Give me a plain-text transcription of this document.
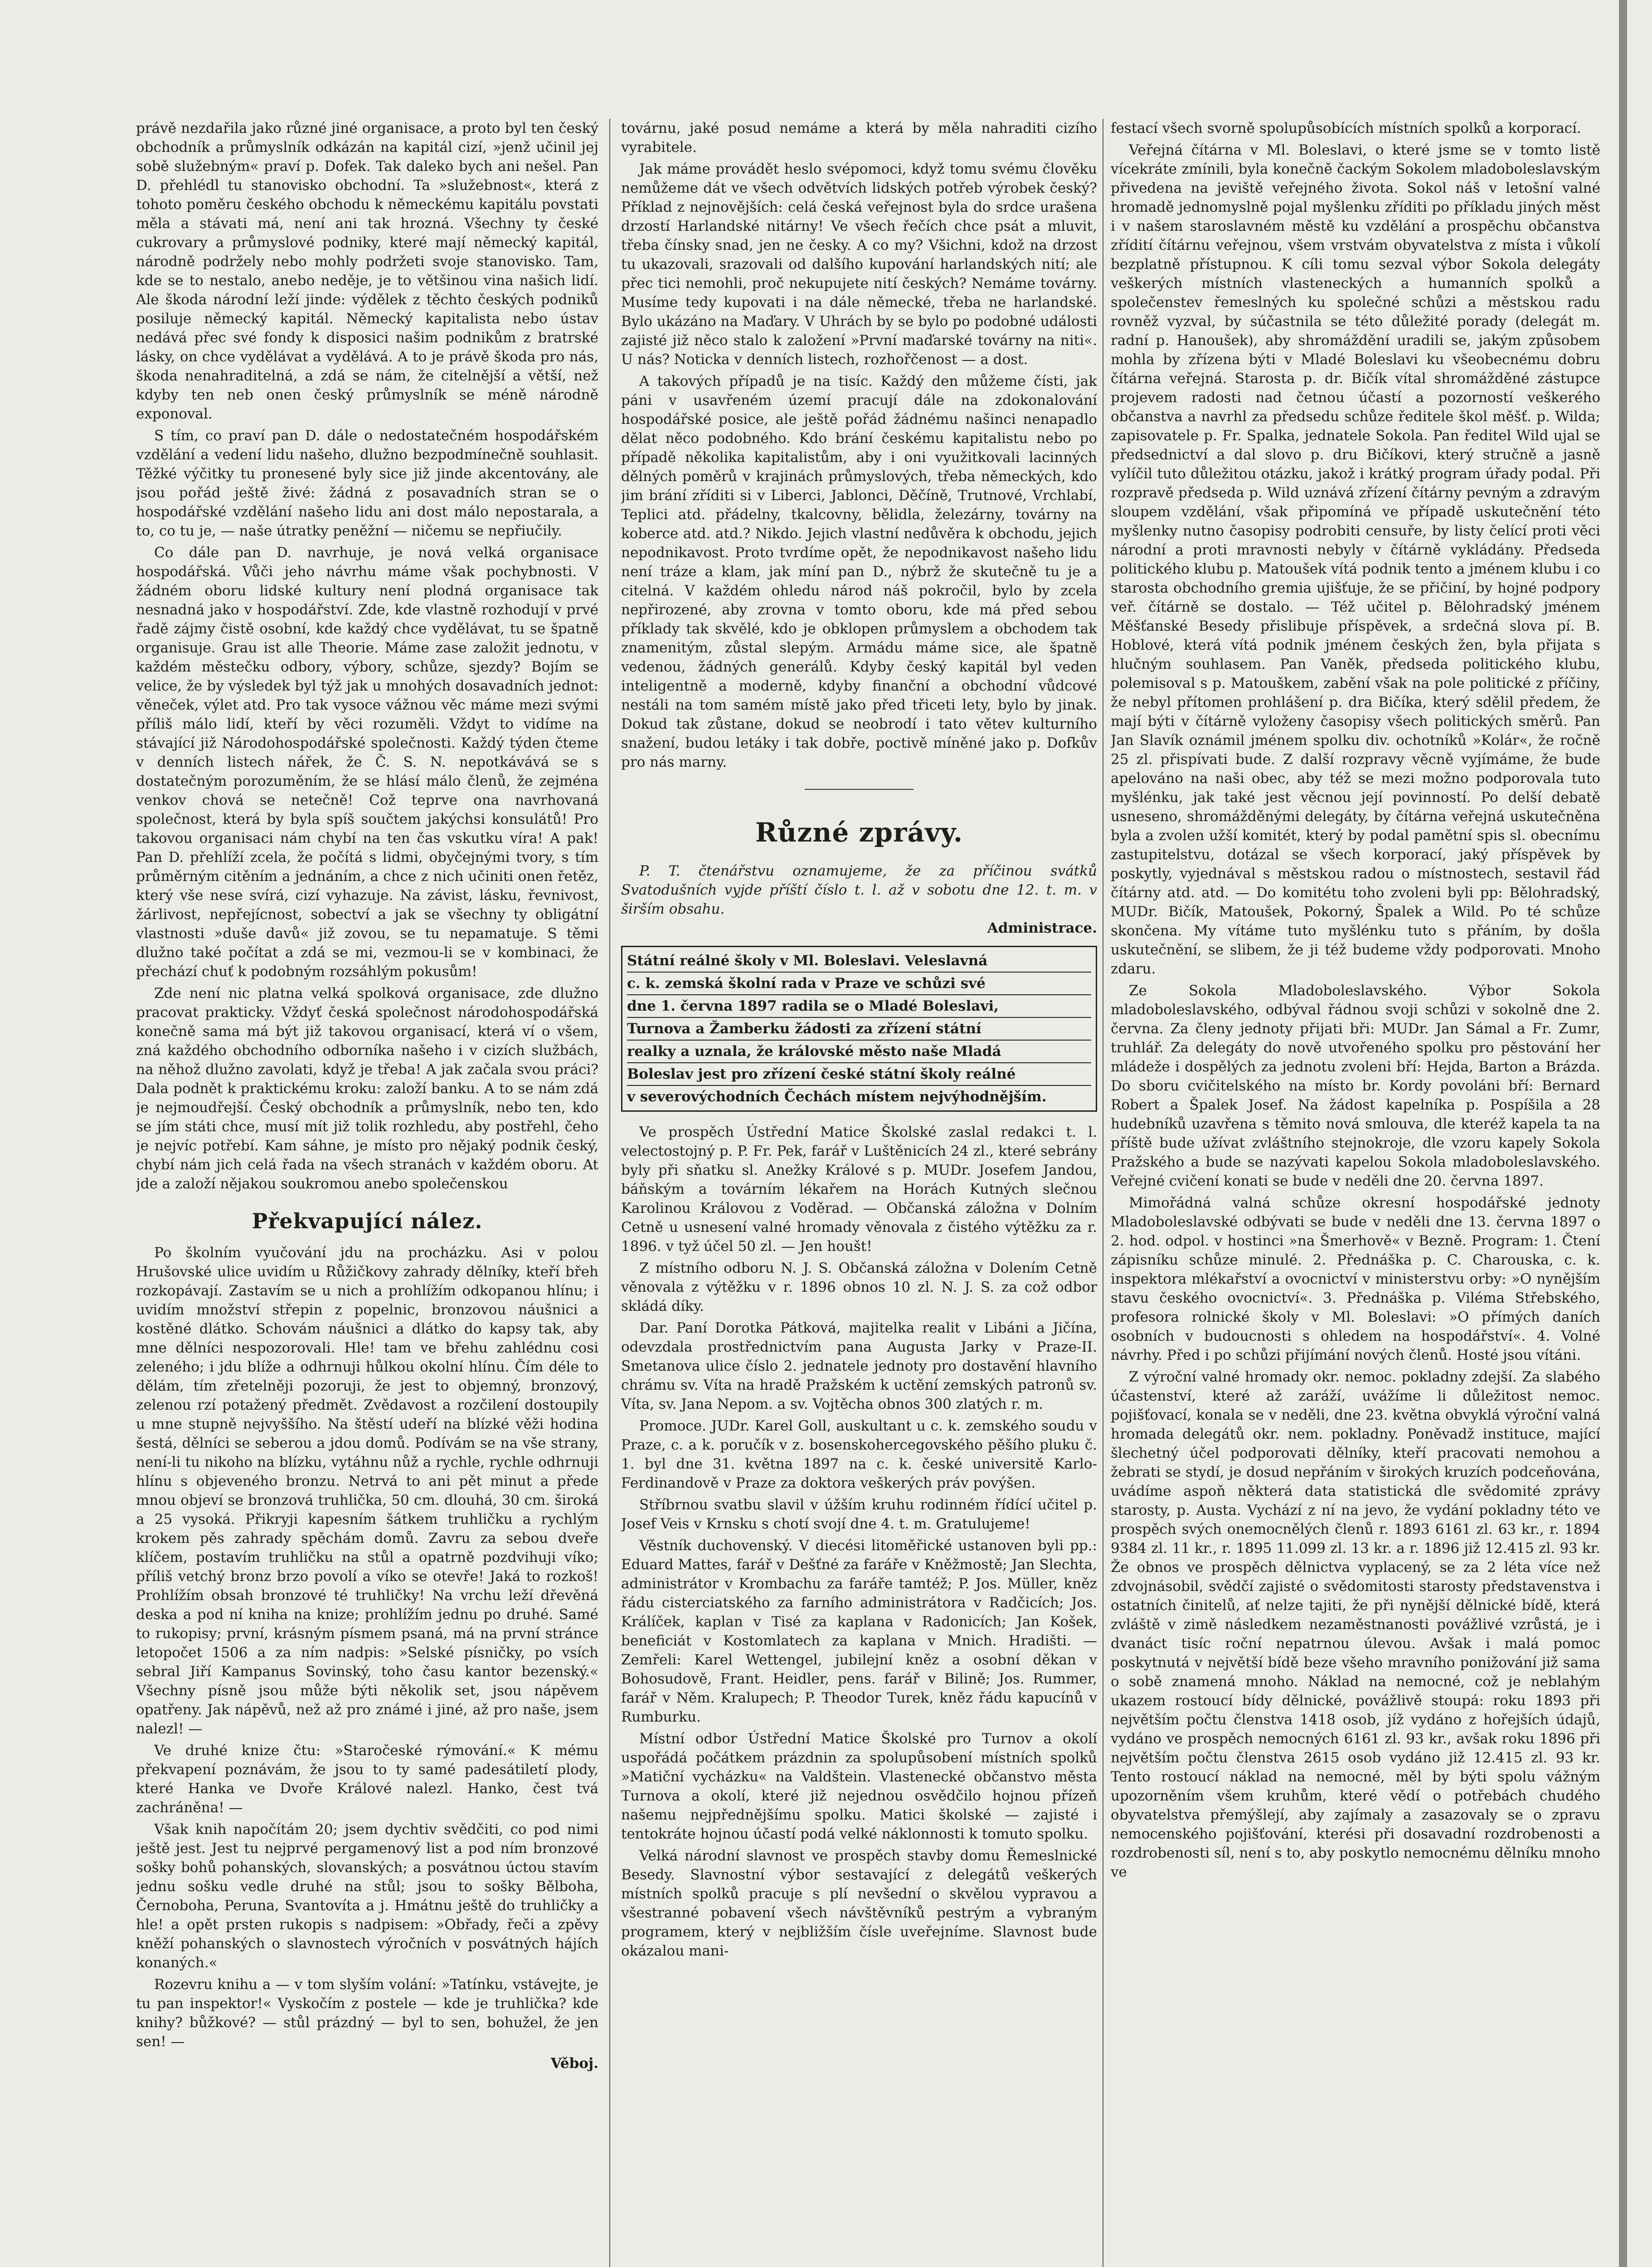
právě nezdařila jako různé jiné organisace, a proto byl ten český obchodník a průmyslník odkázán na kapitál cizí, »jenž učinil jej sobě služebným« praví p. Dofek. Tak daleko bych ani nešel. Pan D. přehlédl tu stanovisko obchodní. Ta »služebnost«, která z tohoto poměru českého obchodu k německému kapitálu povstati měla a stávati má, není ani tak hrozná. Všechny ty české cukrovary a průmyslové podniky, které mají německý kapitál, národně podržely nebo mohly podržeti svoje stanovisko. Tam, kde se to nestalo, anebo neděje, je to většinou vina našich lidí. Ale škoda národní leží jinde: výdělek z těchto českých podniků posiluje německý kapitál. Německý kapitalista nebo ústav nedává přec své fondy k disposici našim podnikům z bratrské lásky, on chce vydělávat a vydělává. A to je právě škoda pro nás, škoda nenahraditelná, a zdá se nám, že citelnější a větší, než kdyby ten neb onen český průmyslník se méně národně exponoval.

S tím, co praví pan D. dále o nedostatečném hospodářském vzdělání a vedení lidu našeho, dlužno bezpodmínečně souhlasit. Těžké výčitky tu pronesené byly sice již jinde akcentovány, ale jsou pořád ještě živé: žádná z posavadních stran se o hospodářské vzdělání našeho lidu ani dost málo nepostarala, a to, co tu je, — naše útratky peněžní — ničemu se nepřiučily.

Co dále pan D. navrhuje, je nová velká organisace hospodářská. Vůči jeho návrhu máme však pochybnosti. V žádném oboru lidské kultury není plodná organisace tak nesnadná jako v hospodářství. Zde, kde vlastně rozhodují v prvé řadě zájmy čistě osobní, kde každý chce vydělávat, tu se špatně organisuje. Grau ist alle Theorie. Máme zase založit jednotu, v každém městečku odbory, výbory, schůze, sjezdy? Bojím se velice, že by výsledek byl týž jak u mnohých dosavadních jednot: věneček, výlet atd. Pro tak vysoce vážnou věc máme mezi svými příliš málo lidí, kteří by věci rozuměli. Vždyt to vidíme na stávající již Národohospodářské společnosti. Každý týden čteme v denních listech nářek, že Č. S. N. nepotkávává se s dostatečným porozuměním, že se hlásí málo členů, že zejména venkov chová se netečně! Což teprve ona navrhovaná společnost, která by byla spíš součtem jakýchsi konsulátů! Pro takovou organisaci nám chybí na ten čas vskutku víra! A pak! Pan D. přehlíží zcela, že počítá s lidmi, obyčejnými tvory, s tím průměrným citěním a jednáním, a chce z nich učiniti onen řetěz, který vše nese svírá, cizí vyhazuje. Na závist, lásku, řevnivost, žárlivost, nepřejícnost, sobectví a jak se všechny ty obligátní vlastnosti »duše davů« již zovou, se tu nepamatuje. S těmi dlužno také počítat a zdá se mi, vezmou-li se v kombinaci, že přechází chuť k podobným rozsáhlým pokusům!

Zde není nic platna velká spolková organisace, zde dlužno pracovat prakticky. Vždyť česká společnost národohospodářská konečně sama má být již takovou organisací, která ví o všem, zná každého obchodního odborníka našeho i v cizích službách, na něhož dlužno zavolati, když je třeba! A jak začala svou práci? Dala podnět k praktickému kroku: založí banku. A to se nám zdá je nejmoudřejší. Český obchodník a průmyslník, nebo ten, kdo se jím státi chce, musí mít již tolik rozhledu, aby postřehl, čeho je nejvíc potřebí. Kam sáhne, je místo pro nějaký podnik český, chybí nám jich celá řada na všech stranách v každém oboru. At jde a založí nějakou soukromou anebo společenskou

Překvapující nález.

Po školním vyučování jdu na procházku. Asi v polou Hrušovské ulice uvidím u Růžičkovy zahrady dělníky, kteří břeh rozkopávají. Zastavím se u nich a prohlížím odkopanou hlínu; i uvidím množství střepin z popelnic, bronzovou náušnici a kostěné dlátko. Schovám náušnici a dlátko do kapsy tak, aby mne dělníci nespozorovali. Hle! tam ve břehu zahlédnu cosi zeleného; i jdu blíže a odhrnuji hůlkou okolní hlínu. Čím déle to dělám, tím zřetelněji pozoruji, že jest to objemný, bronzový, zelenou rzí potažený předmět. Zvědavost a rozčilení dostoupily u mne stupně nejvyššího. Na štěstí udeří na blízké věži hodina šestá, dělníci se seberou a jdou domů. Podívám se na vše strany, není-li tu nikoho na blízku, vytáhnu nůž a rychle, rychle odhrnuji hlínu s objeveného bronzu. Netrvá to ani pět minut a přede mnou objeví se bronzová truhlička, 50 cm. dlouhá, 30 cm. široká a 25 vysoká. Přikryji kapesním šátkem truhličku a rychlým krokem pěs zahrady spěchám domů. Zavru za sebou dveře klíčem, postavím truhličku na stůl a opatrně pozdvihuji víko; příliš vetchý bronz brzo povolí a víko se otevře! Jaká to rozkoš! Prohlížím obsah bronzové té truhličky! Na vrchu leží dřevěná deska a pod ní kniha na knize; prohlížím jednu po druhé. Samé to rukopisy; první, krásným písmem psaná, má na první stránce letopočet 1506 a za ním nadpis: »Selské písničky, po vsích sebral Jiří Kampanus Sovinský, toho času kantor bezenský.« Všechny písně jsou může býti několik set, jsou nápěvem opatřeny. Jak nápěvů, než až pro známé i jiné, až pro naše, jsem nalezl! —

Ve druhé knize čtu: »Staročeské rýmování.« K mému překvapení poznávám, že jsou to ty samé padesátiletí plody, které Hanka ve Dvoře Králové nalezl. Hanko, čest tvá zachráněna! —

Však knih napočítám 20; jsem dychtiv svědčiti, co pod nimi ještě jest. Jest tu nejprvé pergamenový list a pod ním bronzové sošky bohů pohanských, slovanských; a posvátnou úctou stavím jednu sošku vedle druhé na stůl; jsou to sošky Bělboha, Černoboha, Peruna, Svantovíta a j. Hmátnu ještě do truhličky a hle! a opět prsten rukopis s nadpisem: »Obřady, řeči a zpěvy kněží pohanských o slavnostech výročních v posvátných hájích konaných.«

Rozevru knihu a — v tom slyším volání: »Tatínku, vstávejte, je tu pan inspektor!« Vyskočím z postele — kde je truhlička? kde knihy? bůžkové? — stůl prázdný — byl to sen, bohužel, že jen sen! —

Věboj.

továrnu, jaké posud nemáme a která by měla nahraditi cizího vyrabitele.

Jak máme provádět heslo svépomoci, když tomu svému člověku nemůžeme dát ve všech odvětvích lidských potřeb výrobek český? Příklad z nejnovějších: celá česká veřejnost byla do srdce urašena drzostí Harlandské nitárny! Ve všech řečích chce psát a mluvit, třeba čínsky snad, jen ne česky. A co my? Všichni, kdož na drzost tu ukazovali, srazovali od dalšího kupování harlandských nití; ale přec tici nemohli, proč nekupujete nití českých? Nemáme továrny. Musíme tedy kupovati i na dále německé, třeba ne harlandské. Bylo ukázáno na Maďary. V Uhrách by se bylo po podobné události zajisté již něco stalo k založení »První maďarské továrny na niti«. U nás? Noticka v denních listech, rozhořčenost — a dost.

A takových případů je na tisíc. Každý den můžeme čísti, jak páni v usavřeném území pracují dále na zdokonalování hospodářské posice, ale ještě pořád žádnému našinci nenapadlo dělat něco podobného. Kdo brání českému kapitalistu nebo po případě několika kapitalistům, aby i oni využitkovali lacinných dělných poměrů v krajinách průmyslových, třeba německých, kdo jim brání zříditi si v Liberci, Jablonci, Děčíně, Trutnové, Vrchlabí, Teplici atd. přádelny, tkalcovny, bělidla, železárny, továrny na koberce atd. atd.? Nikdo. Jejich vlastní nedůvěra k obchodu, jejich nepodnikavost. Proto tvrdíme opět, že nepodnikavost našeho lidu není tráze a klam, jak míní pan D., nýbrž že skutečně tu je a citelná. V každém ohledu národ náš pokročil, bylo by zcela nepřirozené, aby zrovna v tomto oboru, kde má před sebou příklady tak skvělé, kdo je obklopen průmyslem a obchodem tak znamenitým, zůstal slepým. Armádu máme sice, ale špatně vedenou, žádných generálů. Kdyby český kapitál byl veden inteligentně a moderně, kdyby finanční a obchodní vůdcové nestáli na tom samém místě jako před třiceti lety, bylo by jinak. Dokud tak zůstane, dokud se neobrodí i tato větev kulturního snažení, budou letáky i tak dobře, poctivě míněné jako p. Dofkův pro nás marny.

Různé zprávy.

P. T. čtenářstvu oznamujeme, že za příčinou svátků Svatodušních vyjde příští číslo t. l. až v sobotu dne 12. t. m. v širším obsahu.

Administrace.
Státní reálné školy v Ml. Boleslavi. Veleslavná
c. k. zemská školní rada v Praze ve schůzi své
dne 1. června 1897 radila se o Mladé Boleslavi,
Turnova a Žamberku žádosti za zřízení státní
realky a uznala, že královské město naše Mladá
Boleslav jest pro zřízení české státní školy reálné
v severovýchodních Čechách místem nejvýhodnějším.

Ve prospěch Ústřední Matice Školské zaslal redakci t. l. velectostojný p. P. Fr. Pek, farář v Luštěnicích 24 zl., které sebrány byly při sňatku sl. Anežky Králové s p. MUDr. Josefem Jandou, báňským a továrním lékařem na Horách Kutných slečnou Karolinou Královou z Voděrad. — Občanská záložna v Dolním Cetně u usnesení valné hromady věnovala z čistého výtěžku za r. 1896. v tyž účel 50 zl. — Jen houšt!

Z místního odboru N. J. S. Občanská záložna v Dolením Cetně věnovala z výtěžku v r. 1896 obnos 10 zl. N. J. S. za což odbor skládá díky.

Dar. Paní Dorotka Pátková, majitelka realit v Libáni a Jičína, odevzdala prostřednictvím pana Augusta Jarky v Praze-II. Smetanova ulice číslo 2. jednatele jednoty pro dostavění hlavního chrámu sv. Víta na hradě Pražském k uctění zemských patronů sv. Víta, sv. Jana Nepom. a sv. Vojtěcha obnos 300 zlatých r. m.

Promoce. JUDr. Karel Goll, auskultant u c. k. zemského soudu v Praze, c. a k. poručík v z. bosenskohercegovského pěšího pluku č. 1. byl dne 31. května 1897 na c. k. české universitě Karlo-Ferdinandově v Praze za doktora veškerých práv povýšen.

Stříbrnou svatbu slavil v úžším kruhu rodinném řídící učitel p. Josef Veis v Krnsku s chotí svojí dne 4. t. m. Gratulujeme!

Věstník duchovenský. V diecési litoměřické ustanoven byli pp.: Eduard Mattes, farář v Dešťné za faráře v Kněžmostě; Jan Slechta, administrátor v Krombachu za faráře tamtéž; P. Jos. Müller, kněz řádu cisterciatského za farního administrátora v Radčicích; Jos. Králíček, kaplan v Tisé za kaplana v Radonicích; Jan Košek, beneficiát v Kostomlatech za kaplana v Mnich. Hradišti. — Zemřeli: Karel Wettengel, jubilejní kněz a osobní děkan v Bohosudově, Frant. Heidler, pens. farář v Bilině; Jos. Rummer, farář v Něm. Kralupech; P. Theodor Turek, kněz řádu kapucínů v Rumburku.

Místní odbor Ústřední Matice Školské pro Turnov a okolí uspořádá počátkem prázdnin za spolupůsobení místních spolků »Matiční vycházku« na Valdštein. Vlastenecké občanstvo města Turnova a okolí, které již nejednou osvědčilo hojnou přízeň našemu nejpřednějšímu spolku. Matici školské — zajisté i tentokráte hojnou účastí podá velké náklonnosti k tomuto spolku.

Velká národní slavnost ve prospěch stavby domu Řemeslnické Besedy. Slavnostní výbor sestavající z delegátů veškerých místních spolků pracuje s plí nevšední o skvělou vypravou a všestranné pobavení všech návštěvníků pestrým a vybraným programem, který v nejbližším čísle uveřejníme. Slavnost bude okázalou mani-

festací všech svorně spolupůsobících místních spolků a korporací.

Veřejná čítárna v Ml. Boleslavi, o které jsme se v tomto listě vícekráte zmínili, byla konečně čackým Sokolem mladoboleslavským přivedena na jeviště veřejného života. Sokol náš v letošní valné hromadě jednomyslně pojal myšlenku zříditi po příkladu jiných měst i v našem staroslavném městě ku vzdělání a prospěchu občanstva zřídití čítárnu veřejnou, všem vrstvám obyvatelstva z místa i vůkolí bezplatně přístupnou. K cíli tomu sezval výbor Sokola delegáty veškerých místních vlasteneckých a humanních spolků a společenstev řemeslných ku společné schůzi a městskou radu rovněž vyzval, by súčastnila se této důležité porady (delegát m. radní p. Hanoušek), aby shromáždění uradili se, jakým způsobem mohla by zřízena býti v Mladé Boleslavi ku všeobecnému dobru čítárna veřejná. Starosta p. dr. Bičík vítal shromážděné zástupce projevem radosti nad četnou účastí a pozorností veškerého občanstva a navrhl za předsedu schůze ředitele škol měšť. p. Wilda; zapisovatele p. Fr. Spalka, jednatele Sokola. Pan ředitel Wild ujal se předsednictví a dal slovo p. dru Bičíkovi, který stručně a jasně vylíčil tuto důležitou otázku, jakož i krátký program úřady podal. Při rozpravě předseda p. Wild uznává zřízení čítárny pevným a zdravým sloupem vzdělání, však připomíná ve případě uskutečnění této myšlenky nutno časopisy podrobiti censuře, by listy čelící proti věci národní a proti mravnosti nebyly v čítárně vykládány. Předseda politického klubu p. Matoušek vítá podnik tento a jménem klubu i co starosta obchodního gremia ujišťuje, že se přičiní, by hojné podpory veř. čítárně se dostalo. — Též učitel p. Bělohradský jménem Měšťanské Besedy přislibuje příspěvek, a srdečná slova pí. B. Hoblové, která vítá podnik jménem českých žen, byla přijata s hlučným souhlasem. Pan Vaněk, předseda politického klubu, polemisoval s p. Matouškem, zabění však na pole politické z příčiny, že nebyl přítomen prohlášení p. dra Bičíka, který sdělil předem, že mají býti v čítárně vyloženy časopisy všech politických směrů. Pan Jan Slavík oznámil jménem spolku div. ochotníků »Kolár«, že ročně 25 zl. přispívati bude. Z další rozpravy věcně vyjímáme, že bude apelováno na naši obec, aby též se mezi možno podporovala tuto myšlénku, jak také jest věcnou její povinností. Po delší debatě usneseno, shromážděnými delegáty, by čítárna veřejná uskutečněna byla a zvolen užší komitét, který by podal pamětní spis sl. obecnímu zastupitelstvu, dotázal se všech korporací, jaký příspěvek by poskytly, vyjednával s městskou radou o místnostech, sestavil řád čítárny atd. atd. — Do komitétu toho zvoleni byli pp: Bělohradský, MUDr. Bičík, Matoušek, Pokorný, Špalek a Wild. Po té schůze skončena. My vítáme tuto myšlénku tuto s přáním, by došla uskutečnění, se slibem, že ji též budeme vždy podporovati. Mnoho zdaru.

Ze Sokola Mladoboleslavského. Výbor Sokola mladoboleslavského, odbýval řádnou svoji schůzi v sokolně dne 2. června. Za členy jednoty přijati bři: MUDr. Jan Sámal a Fr. Zumr, truhlář. Za delegáty do nově utvořeného spolku pro pěstování her mládeže i dospělých za jednotu zvoleni bří: Hejda, Barton a Brázda. Do sboru cvičitelského na místo br. Kordy povoláni bří: Bernard Robert a Špalek Josef. Na žádost kapelníka p. Pospíšila a 28 hudebníků uzavřena s těmito nová smlouva, dle kteréž kapela ta na příště bude užívat zvláštního stejnokroje, dle vzoru kapely Sokola Pražského a bude se nazývati kapelou Sokola mladoboleslavského. Veřejné cvičení konati se bude v neděli dne 20. června 1897.

Mimořádná valná schůze okresní hospodářské jednoty Mladoboleslavské odbývati se bude v neděli dne 13. června 1897 o 2. hod. odpol. v hostinci »na Šmerhově« v Bezně. Program: 1. Čtení zápisníku schůze minulé. 2. Přednáška p. C. Charouska, c. k. inspektora mlékařství a ovocnictví v ministerstvu orby: »O nynějším stavu českého ovocnictví«. 3. Přednáška p. Viléma Střebského, profesora rolnické školy v Ml. Boleslavi: »O přímých daních osobních v budoucnosti s ohledem na hospodářství«. 4. Volné návrhy. Před i po schůzi přijímání nových členů. Hosté jsou vítáni.

Z výroční valné hromady okr. nemoc. pokladny zdejší. Za slabého účastenství, které až zaráží, uvážíme li důležitost nemoc. pojišťovací, konala se v neděli, dne 23. května obvyklá výroční valná hromada delegátů okr. nem. pokladny. Poněvadž instituce, mající šlechetný účel podporovati dělníky, kteří pracovati nemohou a žebrati se stydí, je dosud nepřáním v širokých kruzích podceňována, uvádíme aspoň některá data statistická dle svědomité zprávy starosty, p. Austa. Vychází z ní na jevo, že vydání pokladny této ve prospěch svých onemocnělých členů r. 1893 6161 zl. 63 kr., r. 1894 9384 zl. 11 kr., r. 1895 11.099 zl. 13 kr. a r. 1896 již 12.415 zl. 93 kr. Že obnos ve prospěch dělnictva vyplacený, se za 2 léta více než zdvojnásobil, svědčí zajisté o svědomitosti starosty představenstva i ostatních činitelů, ať nelze tajiti, že při nynější dělnické bídě, která zvláště v zimě následkem nezaměstnanosti povážlivé vzrůstá, je i dvanáct tisíc roční nepatrnou úlevou. Avšak i malá pomoc poskytnutá v největší bídě beze všeho mravního ponižování již sama o sobě znamená mnoho. Náklad na nemocné, což je neblahým ukazem rostoucí bídy dělnické, povážlivě stoupá: roku 1893 při největším počtu členstva 1418 osob, jíž vydáno z hořejších údajů, vydáno ve prospěch nemocných 6161 zl. 93 kr., avšak roku 1896 při největším počtu členstva 2615 osob vydáno již 12.415 zl. 93 kr. Tento rostoucí náklad na nemocné, měl by býti spolu vážným upozorněním všem kruhům, které vědí o potřebách chudého obyvatelstva přemýšlejí, aby zajímaly a zasazovaly se o zpravu nemocenského pojišťování, kterési při dosavadní rozdrobenosti a rozdrobenosti síl, není s to, aby poskytlo nemocnému dělníku mnoho ve
